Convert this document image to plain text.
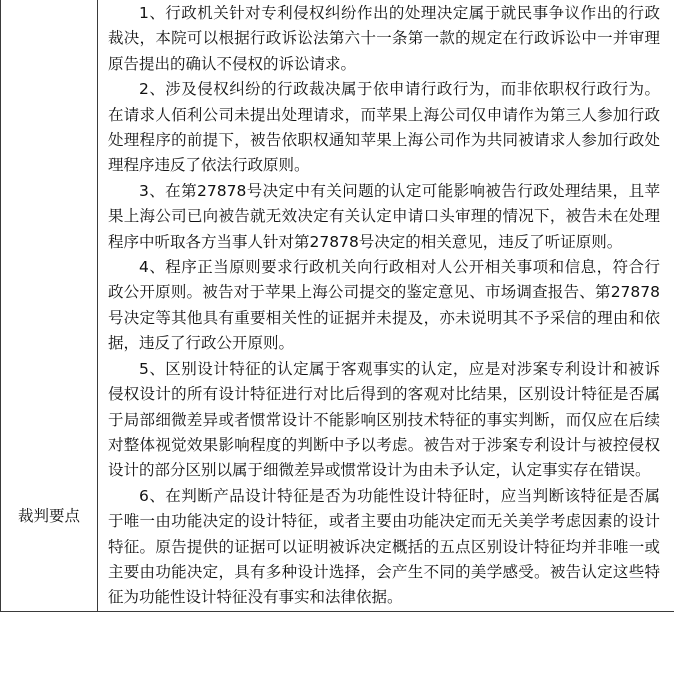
裁判要点	

1、行政机关针对专利侵权纠纷作出的处理决定属于就民事争议作出的行政裁决，本院可以根据行政诉讼法第六十一条第一款的规定在行政诉讼中一并审理原告提出的确认不侵权的诉讼请求。

2、涉及侵权纠纷的行政裁决属于依申请行政行为，而非依职权行政行为。在请求人佰利公司未提出处理请求，而苹果上海公司仅申请作为第三人参加行政处理程序的前提下，被告依职权通知苹果上海公司作为共同被请求人参加行政处理程序违反了依法行政原则。

3、在第27878号决定中有关问题的认定可能影响被告行政处理结果，且苹果上海公司已向被告就无效决定有关认定申请口头审理的情况下，被告未在处理程序中听取各方当事人针对第27878号决定的相关意见，违反了听证原则。

4、程序正当原则要求行政机关向行政相对人公开相关事项和信息，符合行政公开原则。被告对于苹果上海公司提交的鉴定意见、市场调查报告、第27878号决定等其他具有重要相关性的证据并未提及，亦未说明其不予采信的理由和依据，违反了行政公开原则。

5、区别设计特征的认定属于客观事实的认定，应是对涉案专利设计和被诉侵权设计的所有设计特征进行对比后得到的客观对比结果，区别设计特征是否属于局部细微差异或者惯常设计不能影响区别技术特征的事实判断，而仅应在后续对整体视觉效果影响程度的判断中予以考虑。被告对于涉案专利设计与被控侵权设计的部分区别以属于细微差异或惯常设计为由未予认定，认定事实存在错误。

6、在判断产品设计特征是否为功能性设计特征时，应当判断该特征是否属于唯一由功能决定的设计特征，或者主要由功能决定而无关美学考虑因素的设计特征。原告提供的证据可以证明被诉决定概括的五点区别设计特征均并非唯一或主要由功能决定，具有多种设计选择，会产生不同的美学感受。被告认定这些特征为功能性设计特征没有事实和法律依据。
